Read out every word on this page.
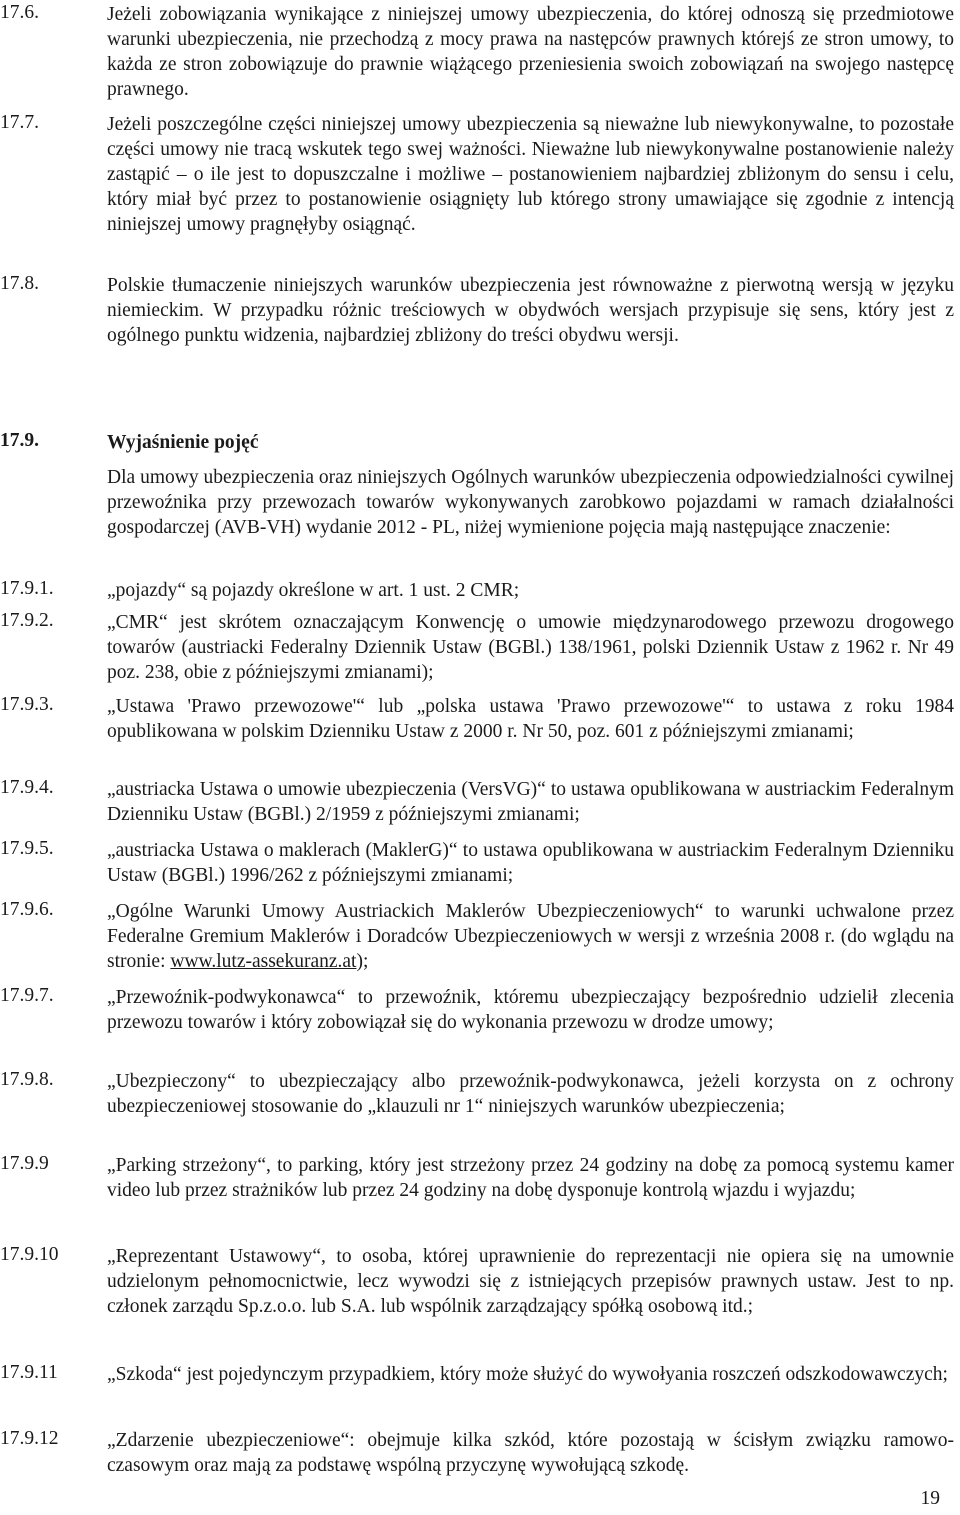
17.6.	Jeżeli zobowiązania wynikające z niniejszej umowy ubezpieczenia, do której odnoszą się przedmiotowe warunki ubezpieczenia, nie przechodzą z mocy prawa na następców prawnych którejś ze stron umowy, to każda ze stron zobowiązuje do prawnie wiążącego przeniesienia swoich zobowiązań na swojego następcę prawnego.
17.7.	Jeżeli poszczególne części niniejszej umowy ubezpieczenia są nieważne lub niewykonywalne, to pozostałe części umowy nie tracą wskutek tego swej ważności. Nieważne lub niewykonywalne postanowienie należy zastąpić – o ile jest to dopuszczalne i możliwe – postanowieniem najbardziej zbliżonym do sensu i celu, który miał być przez to postanowienie osiągnięty lub którego strony umawiające się zgodnie z intencją niniejszej umowy pragnęłyby osiągnąć.
17.8.	Polskie tłumaczenie niniejszych warunków ubezpieczenia jest równoważne z pierwotną wersją w języku niemieckim. W przypadku różnic treściowych w obydwóch wersjach przypisuje się sens, który jest z ogólnego punktu widzenia, najbardziej zbliżony do treści obydwu wersji.
17.9.	Wyjaśnienie pojęć
Dla umowy ubezpieczenia oraz niniejszych Ogólnych warunków ubezpieczenia odpowiedzialności cywilnej przewoźnika przy przewozach towarów wykonywanych zarobkowo pojazdami w ramach działalności gospodarczej (AVB-VH) wydanie 2012 - PL, niżej wymienione pojęcia mają następujące znaczenie:
17.9.1.	„pojazdy“ są pojazdy określone w art. 1 ust. 2 CMR;
17.9.2.	„CMR“ jest skrótem oznaczającym Konwencję o umowie międzynarodowego przewozu drogowego towarów (austriacki Federalny Dziennik Ustaw (BGBl.) 138/1961, polski Dziennik Ustaw z 1962 r. Nr 49 poz. 238, obie z późniejszymi zmianami);
17.9.3.	„Ustawa 'Prawo przewozowe'“ lub „polska ustawa 'Prawo przewozowe'“ to ustawa z roku 1984 opublikowana w polskim Dzienniku Ustaw z 2000 r. Nr 50, poz. 601 z późniejszymi zmianami;
17.9.4.	„austriacka Ustawa o umowie ubezpieczenia (VersVG)“ to ustawa opublikowana w austriackim Federalnym Dzienniku Ustaw (BGBl.) 2/1959 z późniejszymi zmianami;
17.9.5.	„austriacka Ustawa o maklerach (MaklerG)“ to ustawa opublikowana w austriackim Federalnym Dzienniku Ustaw (BGBl.) 1996/262 z późniejszymi zmianami;
17.9.6.	„Ogólne Warunki Umowy Austriackich Maklerów Ubezpieczeniowych“ to warunki uchwalone przez Federalne Gremium Maklerów i Doradców Ubezpieczeniowych w wersji z września 2008 r. (do wglądu na stronie: www.lutz-assekuranz.at);
17.9.7.	„Przewoźnik-podwykonawca“ to przewoźnik, któremu ubezpieczający bezpośrednio udzielił zlecenia przewozu towarów i który zobowiązał się do wykonania przewozu w drodze umowy;
17.9.8.	„Ubezpieczony“ to ubezpieczający albo przewoźnik-podwykonawca, jeżeli korzysta on z ochrony ubezpieczeniowej stosowanie do „klauzuli nr 1“ niniejszych warunków ubezpieczenia;
17.9.9	„Parking strzeżony“, to parking, który jest strzeżony przez 24 godziny na dobę za pomocą systemu kamer video lub przez strażników lub przez 24 godziny na dobę dysponuje kontrolą wjazdu i wyjazdu;
17.9.10 „Reprezentant Ustawowy“, to osoba, której uprawnienie do reprezentacji nie opiera się na umownie udzielonym pełnomocnictwie, lecz wywodzi się z istniejących przepisów prawnych ustaw. Jest to np. członek zarządu Sp.z.o.o. lub S.A. lub wspólnik zarządzający spółką osobową itd.;
17.9.11	„Szkoda“ jest pojedynczym przypadkiem, który może służyć do wywołyania roszczeń odszkodowawczych;
17.9.12 „Zdarzenie ubezpieczeniowe“: obejmuje kilka szkód, które pozostają w ścisłym związku ramowo-czasowym oraz mają za podstawę wspólną przyczynę wywołującą szkodę.
19
